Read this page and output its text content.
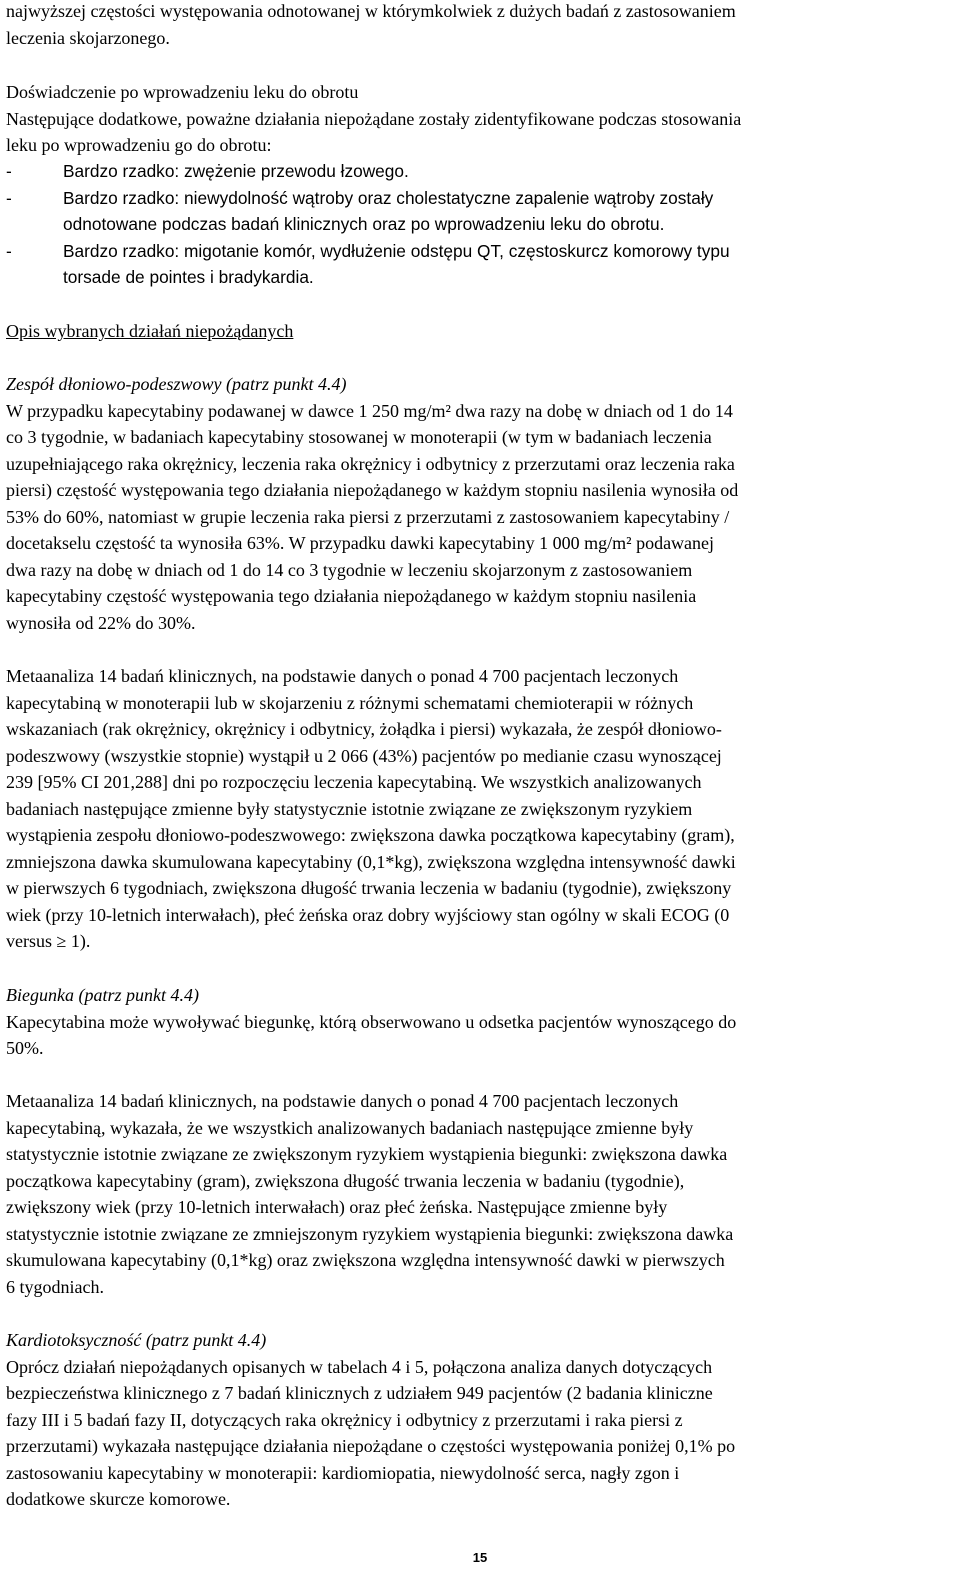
najwyższej częstości występowania odnotowanej w którymkolwiek z dużych badań z zastosowaniem
leczenia skojarzonego.
Doświadczenie po wprowadzeniu leku do obrotu
Następujące dodatkowe, poważne działania niepożądane zostały zidentyfikowane podczas stosowania
leku po wprowadzeniu go do obrotu:
-	Bardzo rzadko: zwężenie przewodu łzowego.
-	Bardzo rzadko: niewydolność wątroby oraz cholestatyczne zapalenie wątroby zostały
odnotowane podczas badań klinicznych oraz po wprowadzeniu leku do obrotu.
-	Bardzo rzadko: migotanie komór, wydłużenie odstępu QT, częstoskurcz komorowy typu
torsade de pointes i bradykardia.
Opis wybranych działań niepożądanych
Zespół dłoniowo-podeszwowy (patrz punkt 4.4)
W przypadku kapecytabiny podawanej w dawce 1 250 mg/m² dwa razy na dobę w dniach od 1 do 14
co 3 tygodnie, w badaniach kapecytabiny stosowanej w monoterapii (w tym w badaniach leczenia
uzupełniającego raka okrężnicy, leczenia raka okrężnicy i odbytnicy z przerzutami oraz leczenia raka
piersi) częstość występowania tego działania niepożądanego w każdym stopniu nasilenia wynosiła od
53% do 60%, natomiast w grupie leczenia raka piersi z przerzutami z zastosowaniem kapecytabiny /
docetakselu częstość ta wynosiła 63%. W przypadku dawki kapecytabiny 1 000 mg/m² podawanej
dwa razy na dobę w dniach od 1 do 14 co 3 tygodnie w leczeniu skojarzonym z zastosowaniem
kapecytabiny częstość występowania tego działania niepożądanego w każdym stopniu nasilenia
wynosiła od 22% do 30%.
Metaanaliza 14 badań klinicznych, na podstawie danych o ponad 4 700 pacjentach leczonych
kapecytabiną w monoterapii lub w skojarzeniu z różnymi schematami chemioterapii w różnych
wskazaniach (rak okrężnicy, okrężnicy i odbytnicy, żołądka i piersi) wykazała, że zespół dłoniowo-
podeszwowy (wszystkie stopnie) wystąpił u 2 066 (43%) pacjentów po medianie czasu wynoszącej
239 [95% CI 201,288] dni po rozpoczęciu leczenia kapecytabiną. We wszystkich analizowanych
badaniach następujące zmienne były statystycznie istotnie związane ze zwiększonym ryzykiem
wystąpienia zespołu dłoniowo-podeszwowego: zwiększona dawka początkowa kapecytabiny (gram),
zmniejszona dawka skumulowana kapecytabiny (0,1*kg), zwiększona względna intensywność dawki
w pierwszych 6 tygodniach, zwiększona długość trwania leczenia w badaniu (tygodnie), zwiększony
wiek (przy 10-letnich interwałach), płeć żeńska oraz dobry wyjściowy stan ogólny w skali ECOG (0
versus ≥ 1).
Biegunka (patrz punkt 4.4)
Kapecytabina może wywoływać biegunkę, którą obserwowano u odsetka pacjentów wynoszącego do
50%.
Metaanaliza 14 badań klinicznych, na podstawie danych o ponad 4 700 pacjentach leczonych
kapecytabiną, wykazała, że we wszystkich analizowanych badaniach następujące zmienne były
statystycznie istotnie związane ze zwiększonym ryzykiem wystąpienia biegunki: zwiększona dawka
początkowa kapecytabiny (gram), zwiększona długość trwania leczenia w badaniu (tygodnie),
zwiększony wiek (przy 10-letnich interwałach) oraz płeć żeńska. Następujące zmienne były
statystycznie istotnie związane ze zmniejszonym ryzykiem wystąpienia biegunki: zwiększona dawka
skumulowana kapecytabiny (0,1*kg) oraz zwiększona względna intensywność dawki w pierwszych
6 tygodniach.
Kardiotoksyczność (patrz punkt 4.4)
Oprócz działań niepożądanych opisanych w tabelach 4 i 5, połączona analiza danych dotyczących
bezpieczeństwa klinicznego z 7 badań klinicznych z udziałem 949 pacjentów (2 badania kliniczne
fazy III i 5 badań fazy II, dotyczących raka okrężnicy i odbytnicy z przerzutami i raka piersi z
przerzutami) wykazała następujące działania niepożądane o częstości występowania poniżej 0,1% po
zastosowaniu kapecytabiny w monoterapii: kardiomiopatia, niewydolność serca, nagły zgon i
dodatkowe skurcze komorowe.
15
